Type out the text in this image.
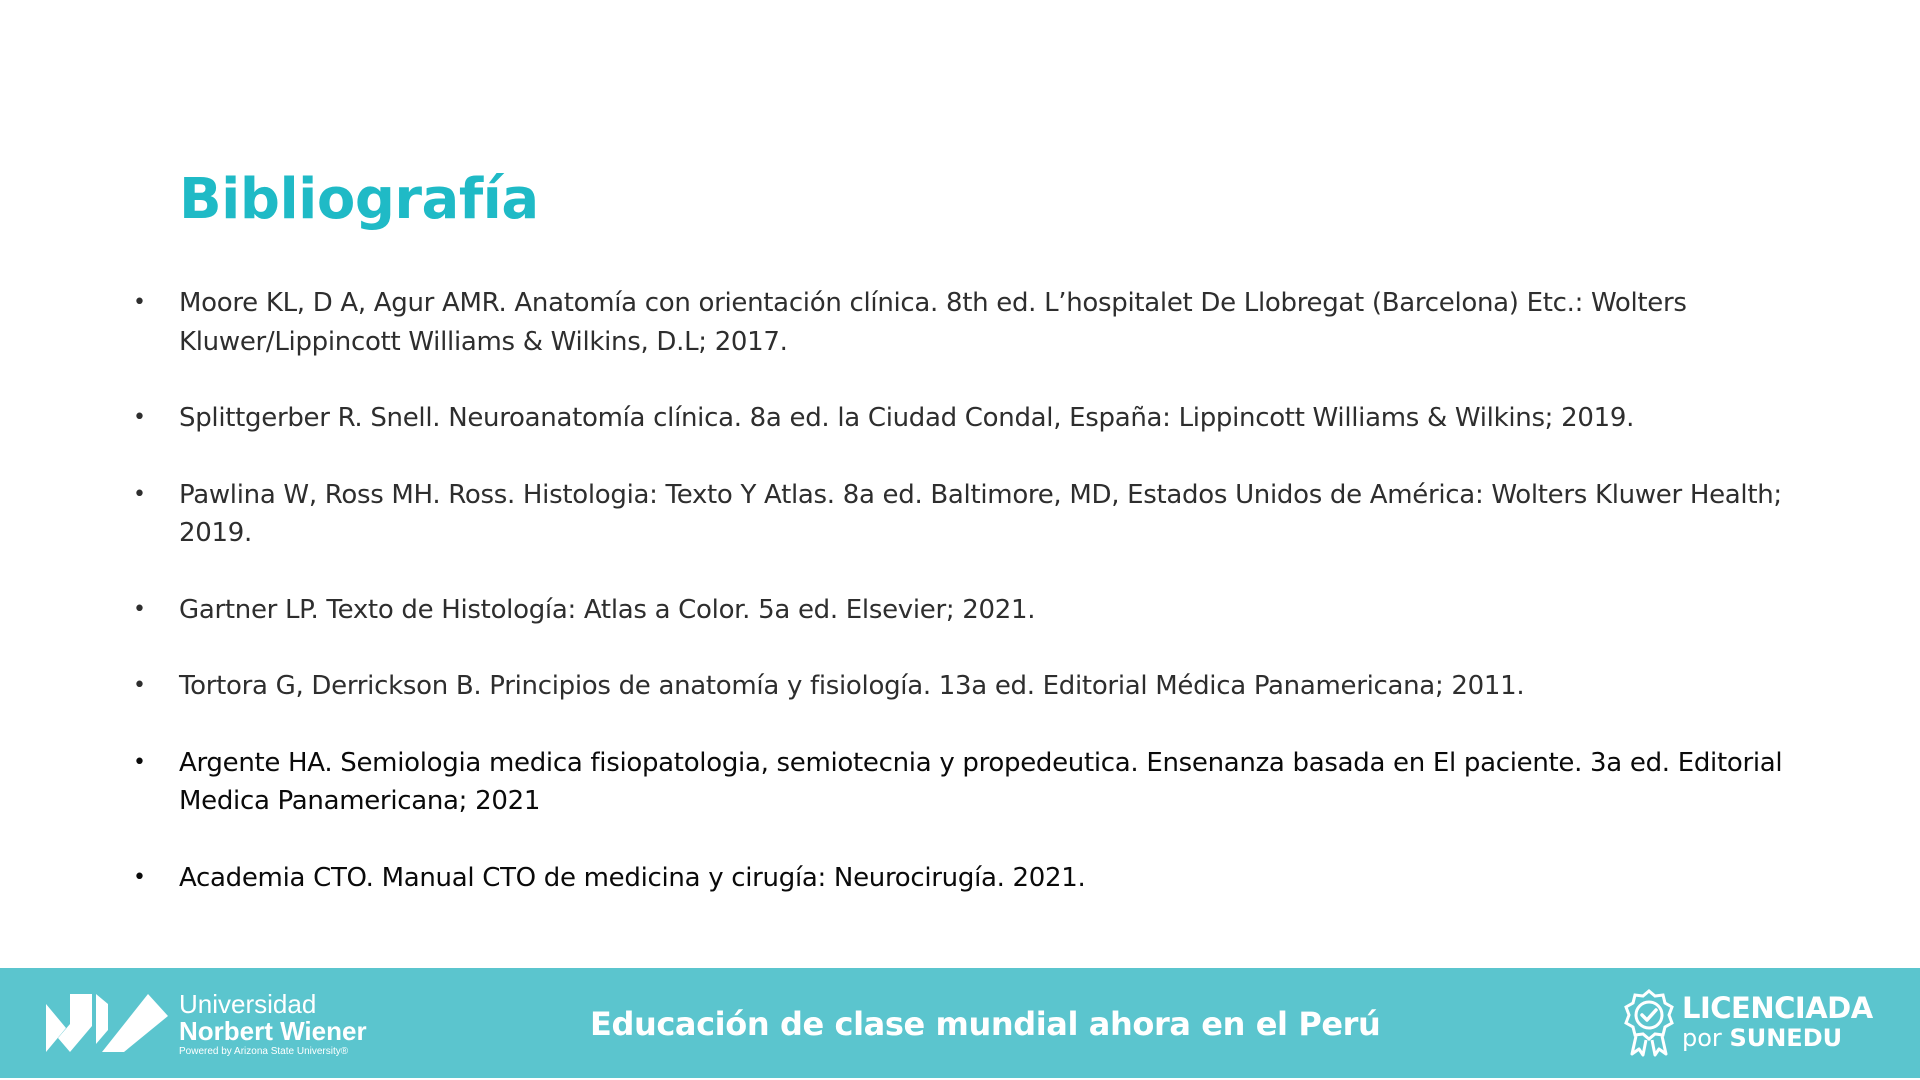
Bibliografía
• Moore KL, D A, Agur AMR. Anatomía con orientación clínica. 8th ed. L’hospitalet De Llobregat (Barcelona) Etc.: Wolters Kluwer/Lippincott Williams & Wilkins, D.L; 2017.
• Splittgerber R. Snell. Neuroanatomía clínica. 8a ed. la Ciudad Condal, España: Lippincott Williams & Wilkins; 2019.
• Pawlina W, Ross MH. Ross. Histologia: Texto Y Atlas. 8a ed. Baltimore, MD, Estados Unidos de América: Wolters Kluwer Health; 2019.
• Gartner LP. Texto de Histología: Atlas a Color. 5a ed. Elsevier; 2021.
• Tortora G, Derrickson B. Principios de anatomía y fisiología. 13a ed. Editorial Médica Panamericana; 2011.
• Argente HA. Semiologia medica fisiopatologia, semiotecnia y propedeutica. Ensenanza basada en El paciente. 3a ed. Editorial Medica Panamericana; 2021
• Academia CTO. Manual CTO de medicina y cirugía: Neurocirugía. 2021.
Universidad
Norbert Wiener
Powered by Arizona State University®
Educación de clase mundial ahora en el Perú	LICENCIADA
por SUNEDU
